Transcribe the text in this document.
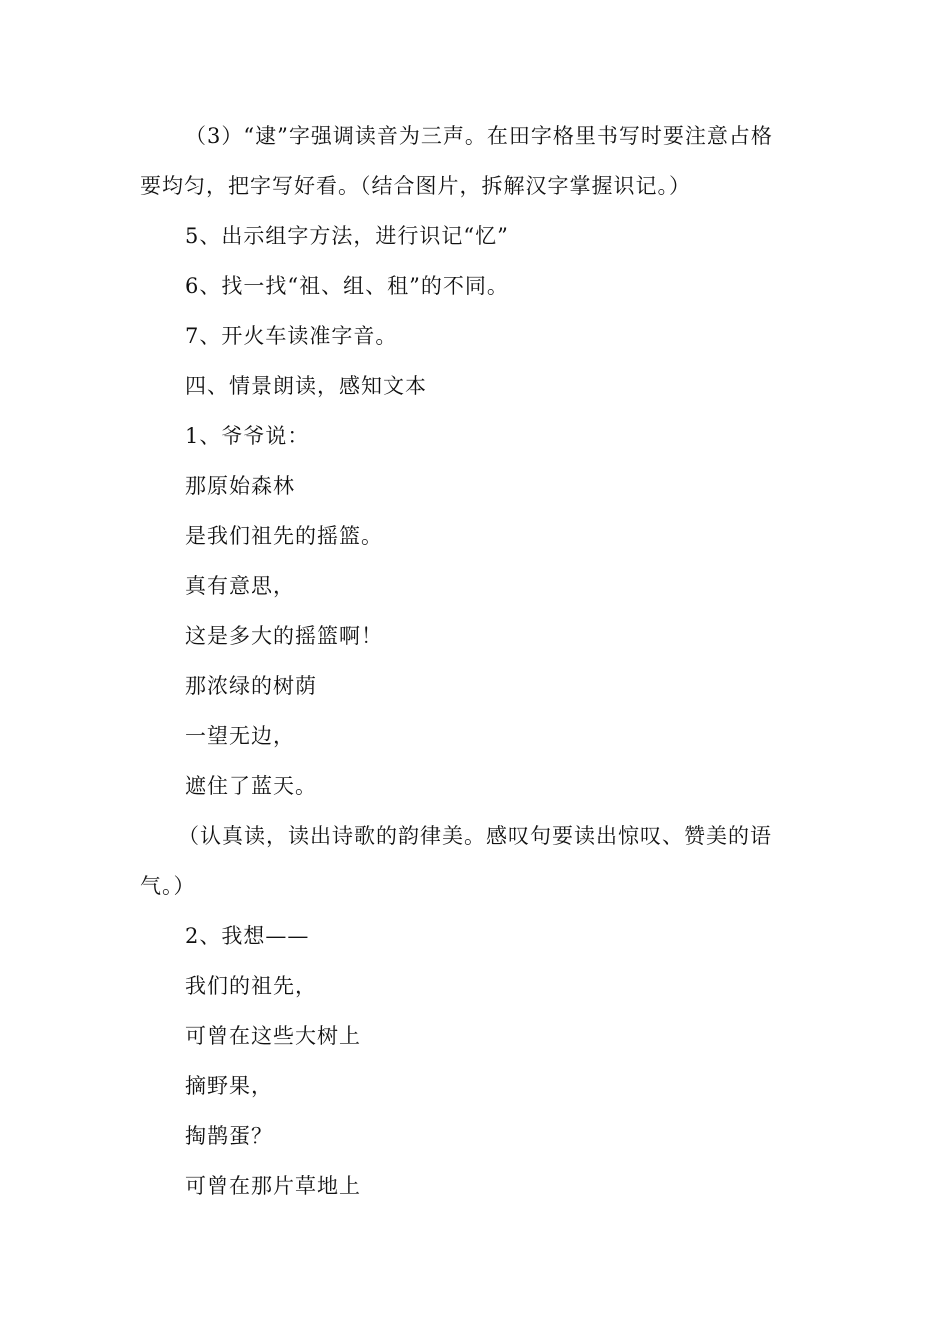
（3）“逮”字强调读音为三声。在田字格里书写时要注意占格
要均匀，把字写好看。（结合图片，拆解汉字掌握识记。）
5、出示组字方法，进行识记“忆”
6、找一找“祖、组、租”的不同。
7、开火车读准字音。
四、情景朗读，感知文本
1、爷爷说：
那原始森林
是我们祖先的摇篮。
真有意思，
这是多大的摇篮啊！
那浓绿的树荫
一望无边，
遮住了蓝天。
（认真读，读出诗歌的韵律美。感叹句要读出惊叹、赞美的语
气。）
2、我想——
我们的祖先，
可曾在这些大树上
摘野果，
掏鹊蛋？
可曾在那片草地上
